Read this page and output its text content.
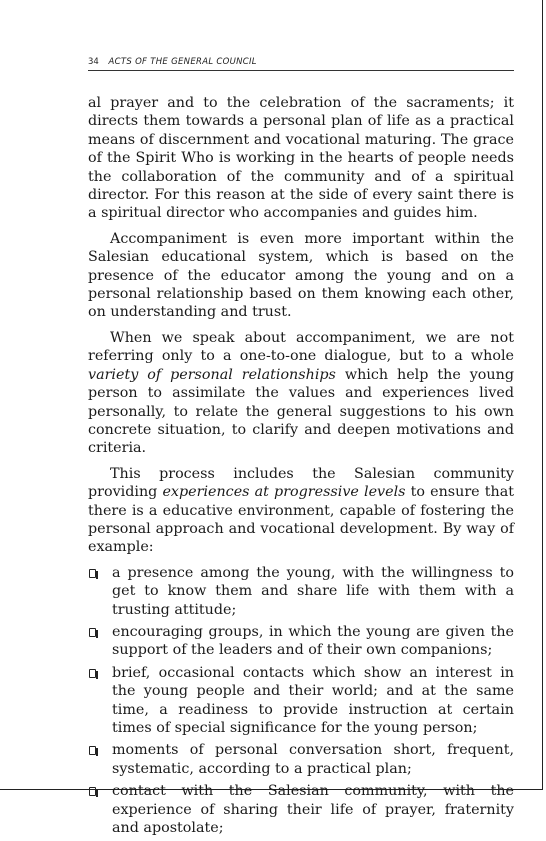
34 ACTS OF THE GENERAL COUNCIL

al prayer and to the celebration of the sacraments; it directs them towards a personal plan of life as a practical means of discernment and vocational maturing. The grace of the Spirit Who is working in the hearts of people needs the collaboration of the community and of a spiritual director. For this reason at the side of every saint there is a spiritual director who accompanies and guides him.

Accompaniment is even more important within the Salesian educational system, which is based on the presence of the educator among the young and on a personal relationship based on them knowing each other, on understanding and trust.

When we speak about accompaniment, we are not referring only to a one-to-one dialogue, but to a whole variety of personal relationships which help the young person to assimilate the values and experiences lived personally, to relate the general suggestions to his own concrete situation, to clarify and deepen motivations and criteria.

This process includes the Salesian community providing experiences at progressive levels to ensure that there is a educative environment, capable of fostering the personal approach and vocational development. By way of example:

a presence among the young, with the willingness to get to know them and share life with them with a trusting attitude;
encouraging groups, in which the young are given the support of the leaders and of their own companions;
brief, occasional contacts which show an interest in the young people and their world; and at the same time, a readiness to provide instruction at certain times of special significance for the young person;
moments of personal conversation short, frequent, systematic, according to a practical plan;
contact with the Salesian community, with the experience of sharing their life of prayer, fraternity and apostolate;
